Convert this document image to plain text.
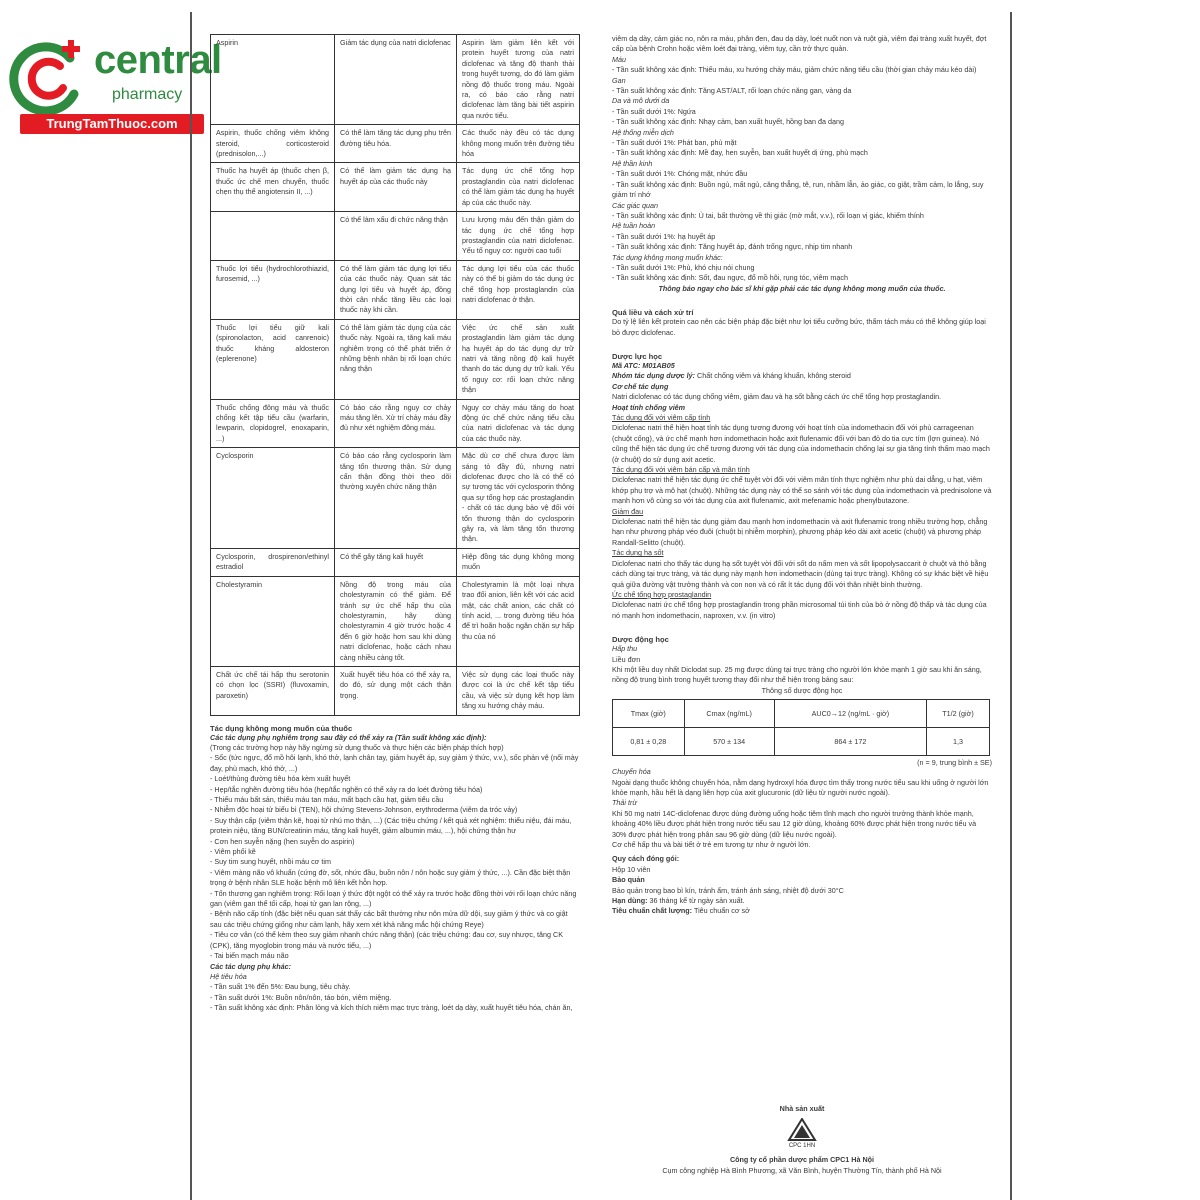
central
pharmacy
TrungTamThuoc.com
Aspirin	Giảm tác dụng của natri diclofenac	Aspirin làm giảm liên kết với protein huyết tương của natri diclofenac và tăng độ thanh thải trong huyết tương, do đó làm giảm nồng độ thuốc trong máu. Ngoài ra, có báo cáo rằng natri diclofenac làm tăng bài tiết aspirin qua nước tiểu.
Aspirin, thuốc chống viêm không steroid, corticosteroid (prednisolon,...)	Có thể làm tăng tác dụng phụ trên đường tiêu hóa.	Các thuốc này đều có tác dụng không mong muốn trên đường tiêu hóa
Thuốc hạ huyết áp (thuốc chẹn β, thuốc ức chế men chuyển, thuốc chẹn thụ thể angiotensin II, ...)	Có thể làm giảm tác dụng hạ huyết áp của các thuốc này	Tác dụng ức chế tổng hợp prostaglandin của natri diclofenac có thể làm giảm tác dụng hạ huyết áp của các thuốc này.
	Có thể làm xấu đi chức năng thận	Lưu lượng máu đến thận giảm do tác dụng ức chế tổng hợp prostaglandin của natri diclofenac. Yếu tố nguy cơ: người cao tuổi
Thuốc lợi tiểu (hydrochlorothiazid, furosemid, ...)	Có thể làm giảm tác dụng lợi tiểu của các thuốc này. Quan sát tác dụng lợi tiểu và huyết áp, đồng thời cân nhắc tăng liều các loại thuốc này khi cần.	Tác dụng lợi tiểu của các thuốc này có thể bị giảm do tác dụng ức chế tổng hợp prostaglandin của natri diclofenac ở thận.
Thuốc lợi tiểu giữ kali (spironolacton, acid canrenoic) thuốc kháng aldosteron (eplerenone)	Có thể làm giảm tác dụng của các thuốc này. Ngoài ra, tăng kali máu nghiêm trọng có thể phát triển ở những bệnh nhân bị rối loạn chức năng thận	Việc ức chế sản xuất prostaglandin làm giảm tác dụng hạ huyết áp do tác dụng dự trữ natri và tăng nồng độ kali huyết thanh do tác dụng dự trữ kali. Yếu tố nguy cơ: rối loạn chức năng thận
Thuốc chống đông máu và thuốc chống kết tập tiểu cầu (warfarin, lewparin, clopidogrel, enoxaparin, ...)	Có báo cáo rằng nguy cơ chảy máu tăng lên. Xử trí chảy máu đầy đủ như xét nghiệm đông máu.	Nguy cơ chảy máu tăng do hoạt động ức chế chức năng tiểu cầu của natri diclofenac và tác dụng của các thuốc này.
Cyclosporin	Có báo cáo rằng cyclosporin làm tăng tổn thương thận. Sử dụng cẩn thận đồng thời theo dõi thường xuyên chức năng thận	Mặc dù cơ chế chưa được làm sáng tỏ đầy đủ, nhưng natri diclofenac được cho là có thể có sự tương tác với cyclosporin thông qua sự tổng hợp các prostaglandin - chất có tác dụng bảo vệ đối với tổn thương thận do cyclosporin gây ra, và làm tăng tổn thương thận.
Cyclosporin, drospirenon/ethinyl estradiol	Có thể gây tăng kali huyết	Hiệp đồng tác dụng không mong muốn
Cholestyramin	Nồng độ trong máu của cholestyramin có thể giảm. Để tránh sự ức chế hấp thu của cholestyramin, hãy dùng cholestyramin 4 giờ trước hoặc 4 đến 6 giờ hoặc hơn sau khi dùng natri diclofenac, hoặc cách nhau càng nhiều càng tốt.	Cholestyramin là một loại nhựa trao đổi anion, liên kết với các acid mật, các chất anion, các chất có tính acid, ... trong đường tiêu hóa để trì hoãn hoặc ngăn chặn sự hấp thu của nó
Chất ức chế tái hấp thu serotonin có chọn lọc (SSRI) (fluvoxamin, paroxetin)	Xuất huyết tiêu hóa có thể xảy ra, do đó, sử dụng một cách thận trọng.	Việc sử dụng các loại thuốc này được coi là ức chế kết tập tiểu cầu, và việc sử dụng kết hợp làm tăng xu hướng chảy máu.
Tác dụng không mong muốn của thuốc
Các tác dụng phụ nghiêm trọng sau đây có thể xảy ra (Tần suất không xác định):
(Trong các trường hợp này hãy ngừng sử dụng thuốc và thực hiện các biện pháp thích hợp)
- Sốc (tức ngực, đổ mồ hôi lạnh, khó thở, lạnh chân tay, giảm huyết áp, suy giảm ý thức, v.v.), sốc phản vệ (nổi mày đay, phù mạch, khó thở, ...)
- Loét/thủng đường tiêu hóa kèm xuất huyết
- Hẹp/tắc nghẽn đường tiêu hóa (hẹp/tắc nghẽn có thể xảy ra do loét đường tiêu hóa)
- Thiếu máu bất sản, thiếu máu tan máu, mất bạch cầu hạt, giảm tiểu cầu
- Nhiễm độc hoại tử biểu bì (TEN), hội chứng Stevens-Johnson, erythroderma (viêm da tróc vảy)
- Suy thận cấp (viêm thận kẽ, hoại tử nhú mo thận, ...) (Các triệu chứng / kết quả xét nghiệm: thiểu niệu, đái máu, protein niệu, tăng BUN/creatinin máu, tăng kali huyết, giảm albumin máu, ...), hội chứng thận hư
- Cơn hen suyễn nặng (hen suyễn do aspirin)
- Viêm phổi kẽ
- Suy tim sung huyết, nhồi máu cơ tim
- Viêm màng não vô khuẩn (cứng đờ, sốt, nhức đầu, buồn nôn / nôn hoặc suy giảm ý thức, ...). Cần đặc biệt thận trọng ở bệnh nhân SLE hoặc bệnh mô liên kết hỗn hợp.
- Tổn thương gan nghiêm trọng: Rối loạn ý thức đột ngột có thể xảy ra trước hoặc đồng thời với rối loạn chức năng gan (viêm gan thể tối cấp, hoại tử gan lan rộng, ...)
- Bệnh não cấp tính (đặc biệt nếu quan sát thấy các bất thường như nôn mửa dữ dội, suy giảm ý thức và co giật sau các triệu chứng giống như cảm lạnh, hãy xem xét khả năng mắc hội chứng Reye)
- Tiêu cơ vân (có thể kèm theo suy giảm nhanh chức năng thận) (các triệu chứng: đau cơ, suy nhược, tăng CK (CPK), tăng myoglobin trong máu và nước tiểu, ...)
- Tai biến mạch máu não
Các tác dụng phụ khác:
Hệ tiêu hóa
- Tần suất 1% đến 5%: Đau bụng, tiêu chảy.
- Tần suất dưới 1%: Buồn nôn/nôn, táo bón, viêm miệng.
- Tần suất không xác định: Phân lỏng và kích thích niêm mạc trực tràng, loét dạ dày, xuất huyết tiêu hóa, chán ăn,
viêm dạ dày, cảm giác no, nôn ra máu, phân đen, đau dạ dày, loét nuốt non và ruột già, viêm đại tràng xuất huyết, đợt cấp của bệnh Crohn hoặc viêm loét đại tràng, viêm tụy, cần trở thực quản.
Máu
- Tần suất không xác định: Thiếu máu, xu hướng chảy máu, giảm chức năng tiểu cầu (thời gian chảy máu kéo dài)
Gan
- Tần suất không xác định: Tăng AST/ALT, rối loạn chức năng gan, vàng da
Da và mô dưới da
- Tần suất dưới 1%: Ngứa
- Tần suất không xác định: Nhạy cảm, ban xuất huyết, hồng ban đa dạng
Hệ thống miễn dịch
- Tần suất dưới 1%: Phát ban, phù mặt
- Tần suất không xác định: Mề đay, hen suyễn, ban xuất huyết dị ứng, phù mạch
Hệ thần kinh
- Tần suất dưới 1%: Chóng mặt, nhức đầu
- Tần suất không xác định: Buồn ngủ, mất ngủ, căng thẳng, tê, run, nhầm lẫn, ảo giác, co giật, trầm cảm, lo lắng, suy giảm trí nhớ
Các giác quan
- Tần suất không xác định: Ù tai, bất thường về thị giác (mờ mắt, v.v.), rối loạn vị giác, khiếm thính
Hệ tuần hoàn
- Tần suất dưới 1%: hạ huyết áp
- Tần suất không xác định: Tăng huyết áp, đánh trống ngực, nhịp tim nhanh
Tác dụng không mong muốn khác:
- Tần suất dưới 1%: Phù, khó chịu nói chung
- Tần suất không xác định: Sốt, đau ngực, đổ mồ hôi, rụng tóc, viêm mạch
Thông báo ngay cho bác sĩ khi gặp phải các tác dụng không mong muốn của thuốc.
Quá liều và cách xử trí
Do tỷ lệ liên kết protein cao nên các biện pháp đặc biệt như lợi tiểu cưỡng bức, thẩm tách máu có thể không giúp loại bỏ được diclofenac.
Dược lực học
Mã ATC: M01AB05
Nhóm tác dụng dược lý: Chất chống viêm và kháng khuẩn, không steroid
Cơ chế tác dụng
Natri diclofenac có tác dụng chống viêm, giảm đau và hạ sốt bằng cách ức chế tổng hợp prostaglandin.
Hoạt tính chống viêm
Tác dụng đối với viêm cấp tính
Diclofenac natri thể hiện hoạt tính tác dụng tương đương với hoạt tính của indomethacin đối với phù carrageenan (chuột cống), và ức chế mạnh hơn indomethacin hoặc axit flufenamic đối với ban đỏ do tia cực tím (lợn guinea). Nó cũng thể hiện tác dụng ức chế tương đương với tác dụng của indomethacin chống lại sự gia tăng tính thấm mao mạch (ở chuột) do sử dụng axit acetic.
Tác dụng đối với viêm bán cấp và mãn tính
Diclofenac natri thể hiện tác dụng ức chế tuyệt vời đối với viêm mãn tính thực nghiệm như phù dai dẳng, u hạt, viêm khớp phụ trợ và mô hạt (chuột). Những tác dụng này có thể so sánh với tác dụng của indomethacin và prednisolone và mạnh hơn vô cùng so với tác dụng của axit flufenamic, axit mefenamic hoặc phenylbutazone.
Giảm đau
Diclofenac natri thể hiện tác dụng giảm đau mạnh hơn indomethacin và axit flufenamic trong nhiều trường hợp, chẳng hạn như phương pháp véo đuôi (chuột bị nhiễm morphin), phương pháp kéo dài axit acetic (chuột) và phương pháp Randall-Selitto (chuột).
Tác dụng hạ sốt
Diclofenac natri cho thấy tác dụng hạ sốt tuyệt vời đối với sốt do nấm men và sốt lipopolysaccarit ở chuột và thỏ bằng cách dùng tại trực tràng, và tác dụng này mạnh hơn indomethacin (dùng tại trực tràng). Không có sự khác biệt về hiệu quả giữa đường vật trưởng thành và con non và có rất ít tác dụng đối với thân nhiệt bình thường.
Ức chế tổng hợp prostaglandin
Diclofenac natri ức chế tổng hợp prostaglandin trong phần microsomal túi tinh của bò ở nồng độ thấp và tác dụng của nó mạnh hơn indomethacin, naproxen, v.v. (in vitro)
Dược động học
Hấp thu
Liều đơn
Khi một liều duy nhất Diclodat sup. 25 mg được dùng tại trực tràng cho người lớn khỏe mạnh 1 giờ sau khi ăn sáng, nồng độ trung bình trong huyết tương thay đổi như thể hiện trong bảng sau:
Thông số dược động học
Tmax (giờ)	Cmax (ng/mL)	AUC0→12 (ng/mL · giờ)	T1/2 (giờ)
0,81 ± 0,28	570 ± 134	864 ± 172	1,3
(n = 9, trung bình ± SE)
Chuyển hóa
Ngoài dạng thuốc không chuyển hóa, nằm dạng hydroxyl hóa được tìm thấy trong nước tiểu sau khi uống ở người lớn khỏe mạnh, hầu hết là dạng liên hợp của axit glucuronic (dữ liệu từ người nước ngoài).
Thải trừ
Khi 50 mg natri 14C-diclofenac được dùng đường uống hoặc tiêm tĩnh mạch cho người trưởng thành khỏe mạnh, khoảng 40% liều được phát hiện trong nước tiểu sau 12 giờ dùng, khoảng 60% được phát hiện trong nước tiểu và 30% được phát hiện trong phân sau 96 giờ dùng (dữ liệu nước ngoài).
Cơ chế hấp thu và bài tiết ở trẻ em tương tự như ở người lớn.
Quy cách đóng gói:
Hộp 10 viên
Bảo quản
Bảo quản trong bao bì kín, tránh ẩm, tránh ánh sáng, nhiệt độ dưới 30°C
Hạn dùng: 36 tháng kể từ ngày sản xuất.
Tiêu chuẩn chất lượng: Tiêu chuẩn cơ sở
Nhà sản xuất
CPC 1HN
Công ty cổ phần dược phẩm CPC1 Hà Nội
Cụm công nghiệp Hà Bình Phương, xã Văn Bình, huyện Thường Tín, thành phố Hà Nội
